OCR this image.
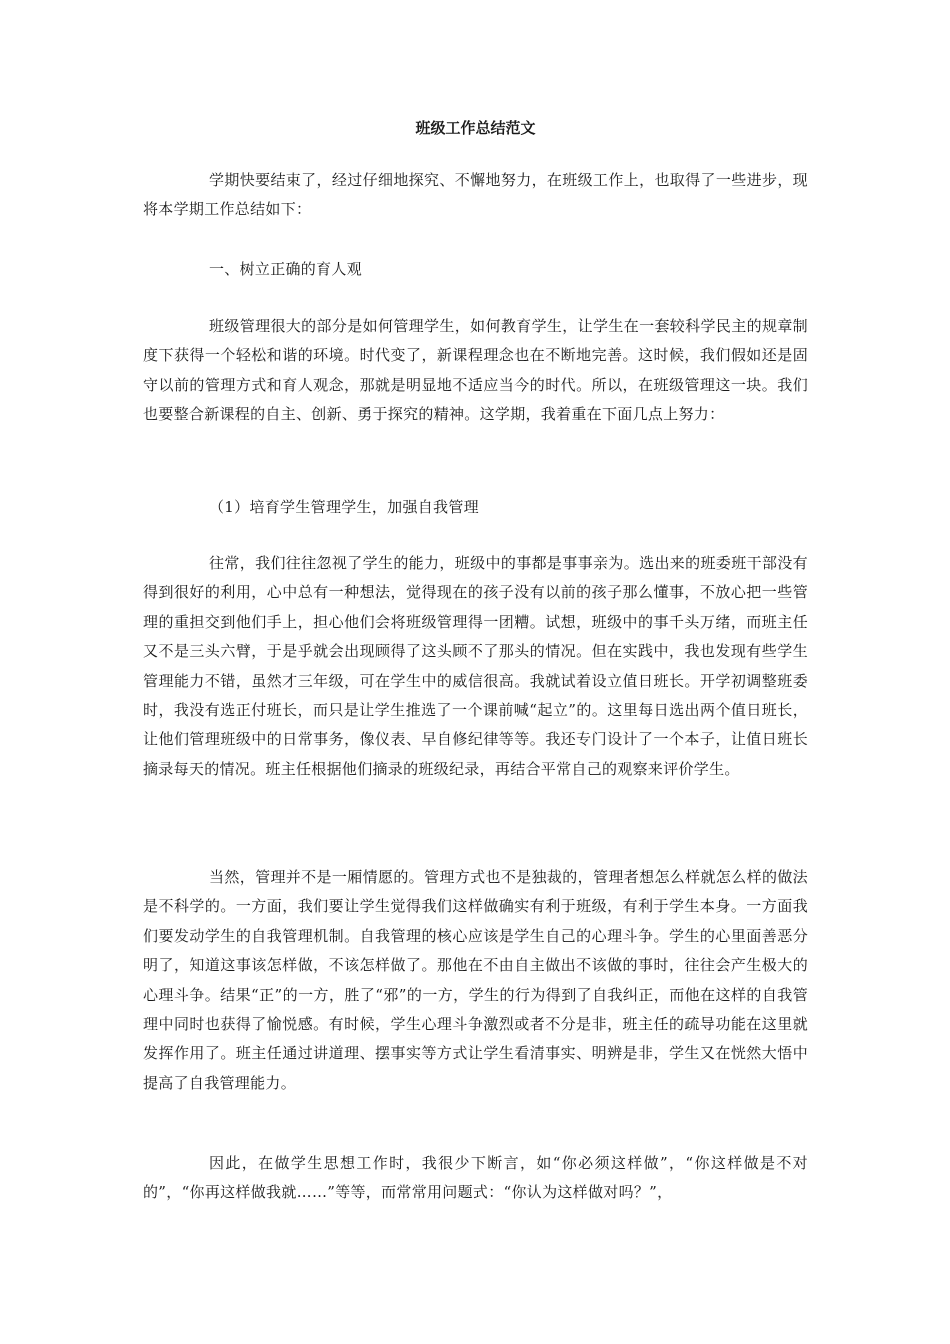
班级工作总结范文

学期快要结束了，经过仔细地探究、不懈地努力，在班级工作上，也取得了一些进步，现将本学期工作总结如下：

一、树立正确的育人观

班级管理很大的部分是如何管理学生，如何教育学生，让学生在一套较科学民主的规章制度下获得一个轻松和谐的环境。时代变了，新课程理念也在不断地完善。这时候，我们假如还是固守以前的管理方式和育人观念，那就是明显地不适应当今的时代。所以，在班级管理这一块。我们也要整合新课程的自主、创新、勇于探究的精神。这学期，我着重在下面几点上努力：

（1）培育学生管理学生，加强自我管理

往常，我们往往忽视了学生的能力，班级中的事都是事事亲为。选出来的班委班干部没有得到很好的利用，心中总有一种想法，觉得现在的孩子没有以前的孩子那么懂事，不放心把一些管理的重担交到他们手上，担心他们会将班级管理得一团糟。试想，班级中的事千头万绪，而班主任又不是三头六臂，于是乎就会出现顾得了这头顾不了那头的情况。但在实践中，我也发现有些学生管理能力不错，虽然才三年级，可在学生中的威信很高。我就试着设立值日班长。开学初调整班委时，我没有选正付班长，而只是让学生推选了一个课前喊“起立”的。这里每日选出两个值日班长，让他们管理班级中的日常事务，像仪表、早自修纪律等等。我还专门设计了一个本子，让值日班长摘录每天的情况。班主任根据他们摘录的班级纪录，再结合平常自己的观察来评价学生。

当然，管理并不是一厢情愿的。管理方式也不是独裁的，管理者想怎么样就怎么样的做法是不科学的。一方面，我们要让学生觉得我们这样做确实有利于班级，有利于学生本身。一方面我们要发动学生的自我管理机制。自我管理的核心应该是学生自己的心理斗争。学生的心里面善恶分明了，知道这事该怎样做，不该怎样做了。那他在不由自主做出不该做的事时，往往会产生极大的心理斗争。结果“正”的一方，胜了“邪”的一方，学生的行为得到了自我纠正，而他在这样的自我管理中同时也获得了愉悦感。有时候，学生心理斗争激烈或者不分是非，班主任的疏导功能在这里就发挥作用了。班主任通过讲道理、摆事实等方式让学生看清事实、明辨是非，学生又在恍然大悟中提高了自我管理能力。

因此，在做学生思想工作时，我很少下断言，如“你必须这样做”，“你这样做是不对的”，“你再这样做我就……”等等，而常常用问题式：“你认为这样做对吗？”，
